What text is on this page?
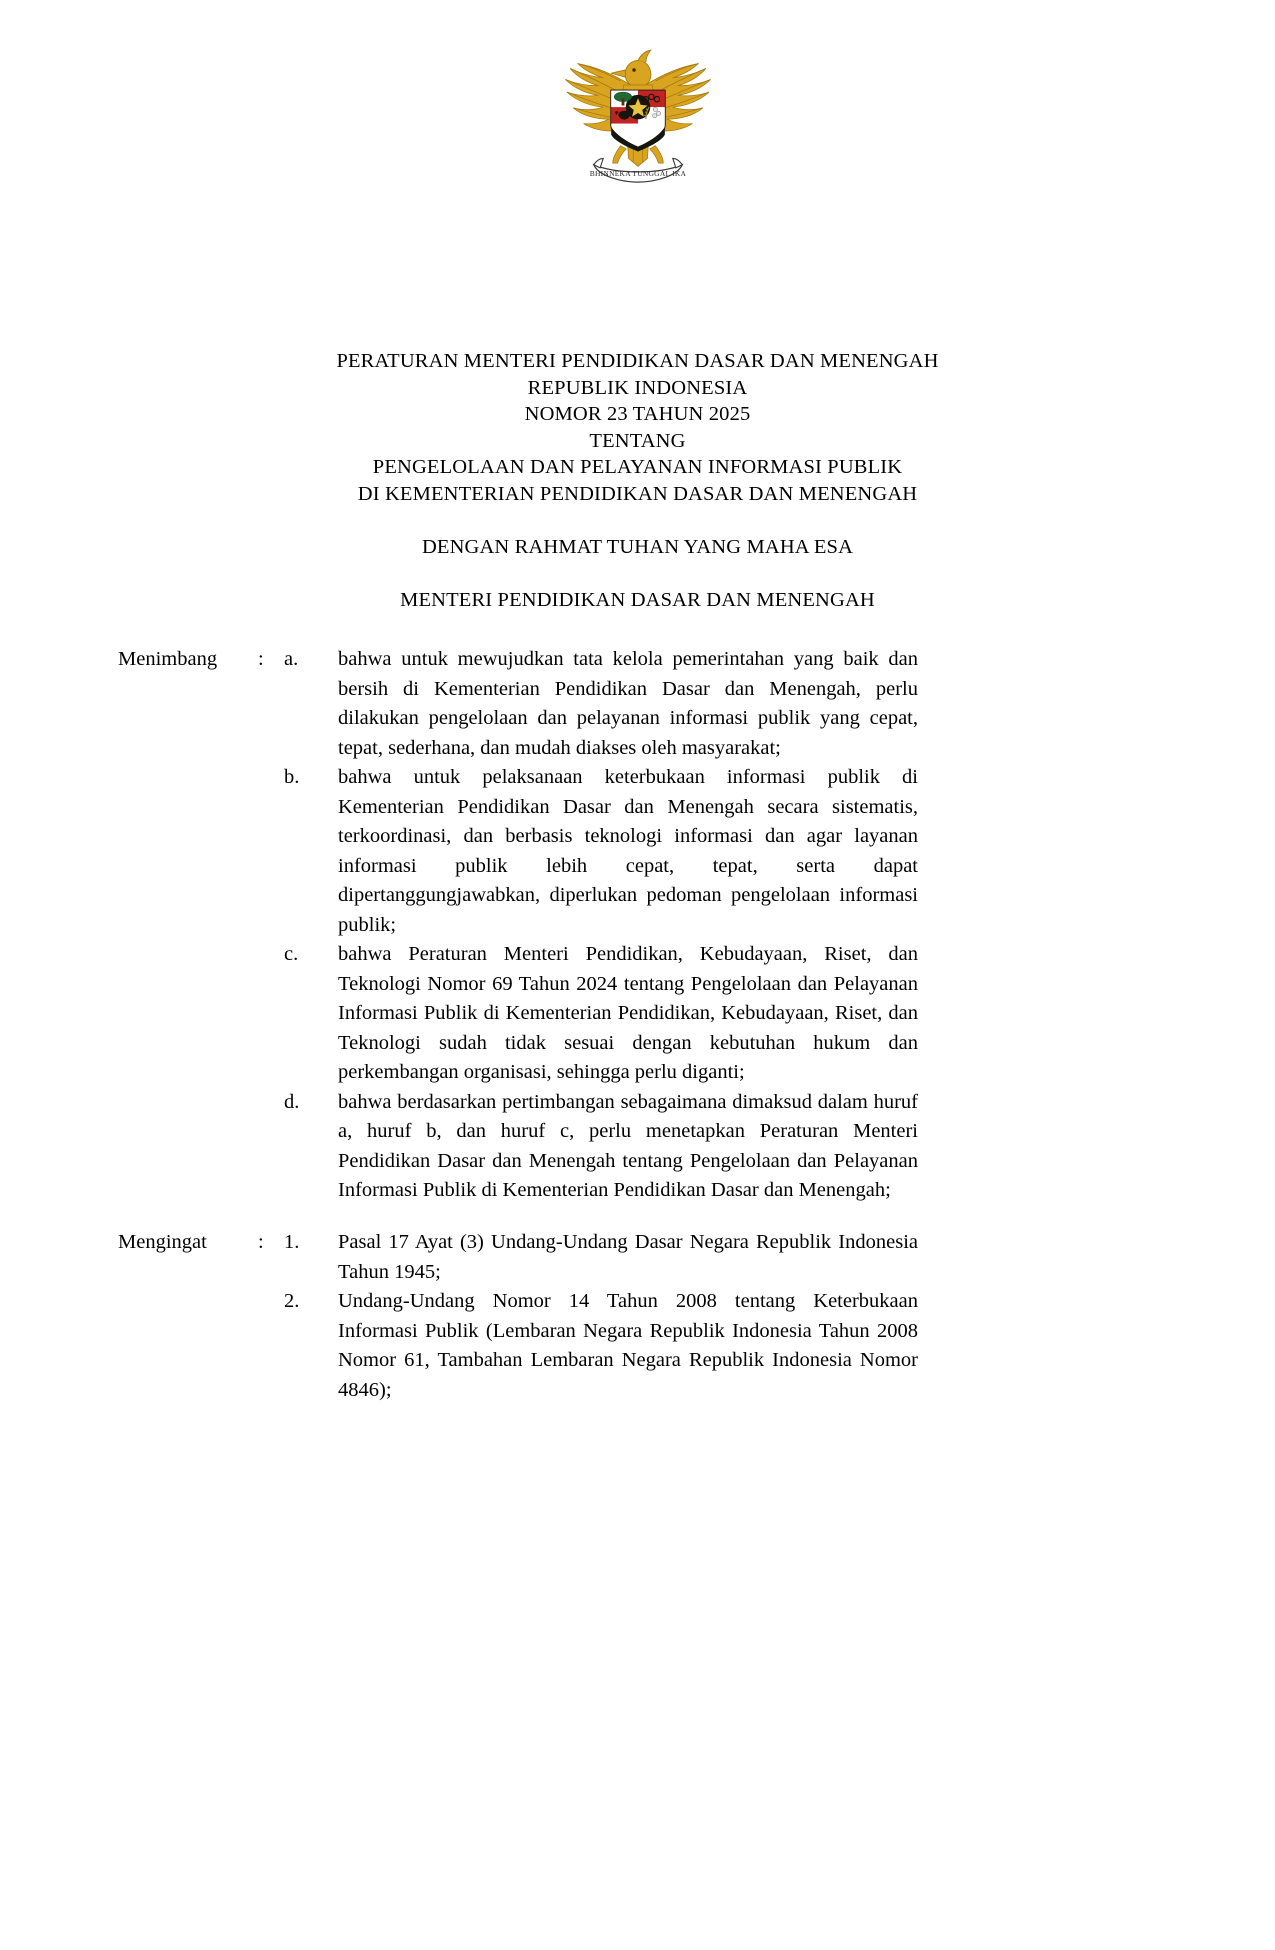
BHINNEKA TUNGGAL IKA
PERATURAN MENTERI PENDIDIKAN DASAR DAN MENENGAH
REPUBLIK INDONESIA
NOMOR 23 TAHUN 2025
TENTANG
PENGELOLAAN DAN PELAYANAN INFORMASI PUBLIK
DI KEMENTERIAN PENDIDIKAN DASAR DAN MENENGAH
DENGAN RAHMAT TUHAN YANG MAHA ESA
MENTERI PENDIDIKAN DASAR DAN MENENGAH
Menimbang	: a.	bahwa untuk mewujudkan tata kelola pemerintahan yang baik dan bersih di Kementerian Pendidikan Dasar dan Menengah, perlu dilakukan pengelolaan dan pelayanan informasi publik yang cepat, tepat, sederhana, dan mudah diakses oleh masyarakat;
b.	bahwa untuk pelaksanaan keterbukaan informasi publik di Kementerian Pendidikan Dasar dan Menengah secara sistematis, terkoordinasi, dan berbasis teknologi informasi dan agar layanan informasi publik lebih cepat, tepat, serta dapat dipertanggungjawabkan, diperlukan pedoman pengelolaan informasi publik;
c.	bahwa Peraturan Menteri Pendidikan, Kebudayaan, Riset, dan Teknologi Nomor 69 Tahun 2024 tentang Pengelolaan dan Pelayanan Informasi Publik di Kementerian Pendidikan, Kebudayaan, Riset, dan Teknologi sudah tidak sesuai dengan kebutuhan hukum dan perkembangan organisasi, sehingga perlu diganti;
d.	bahwa berdasarkan pertimbangan sebagaimana dimaksud dalam huruf a, huruf b, dan huruf c, perlu menetapkan Peraturan Menteri Pendidikan Dasar dan Menengah tentang Pengelolaan dan Pelayanan Informasi Publik di Kementerian Pendidikan Dasar dan Menengah;
Mengingat	: 1.	Pasal 17 Ayat (3) Undang-Undang Dasar Negara Republik Indonesia Tahun 1945;
2.	Undang-Undang Nomor 14 Tahun 2008 tentang Keterbukaan Informasi Publik (Lembaran Negara Republik Indonesia Tahun 2008 Nomor 61, Tambahan Lembaran Negara Republik Indonesia Nomor 4846);
